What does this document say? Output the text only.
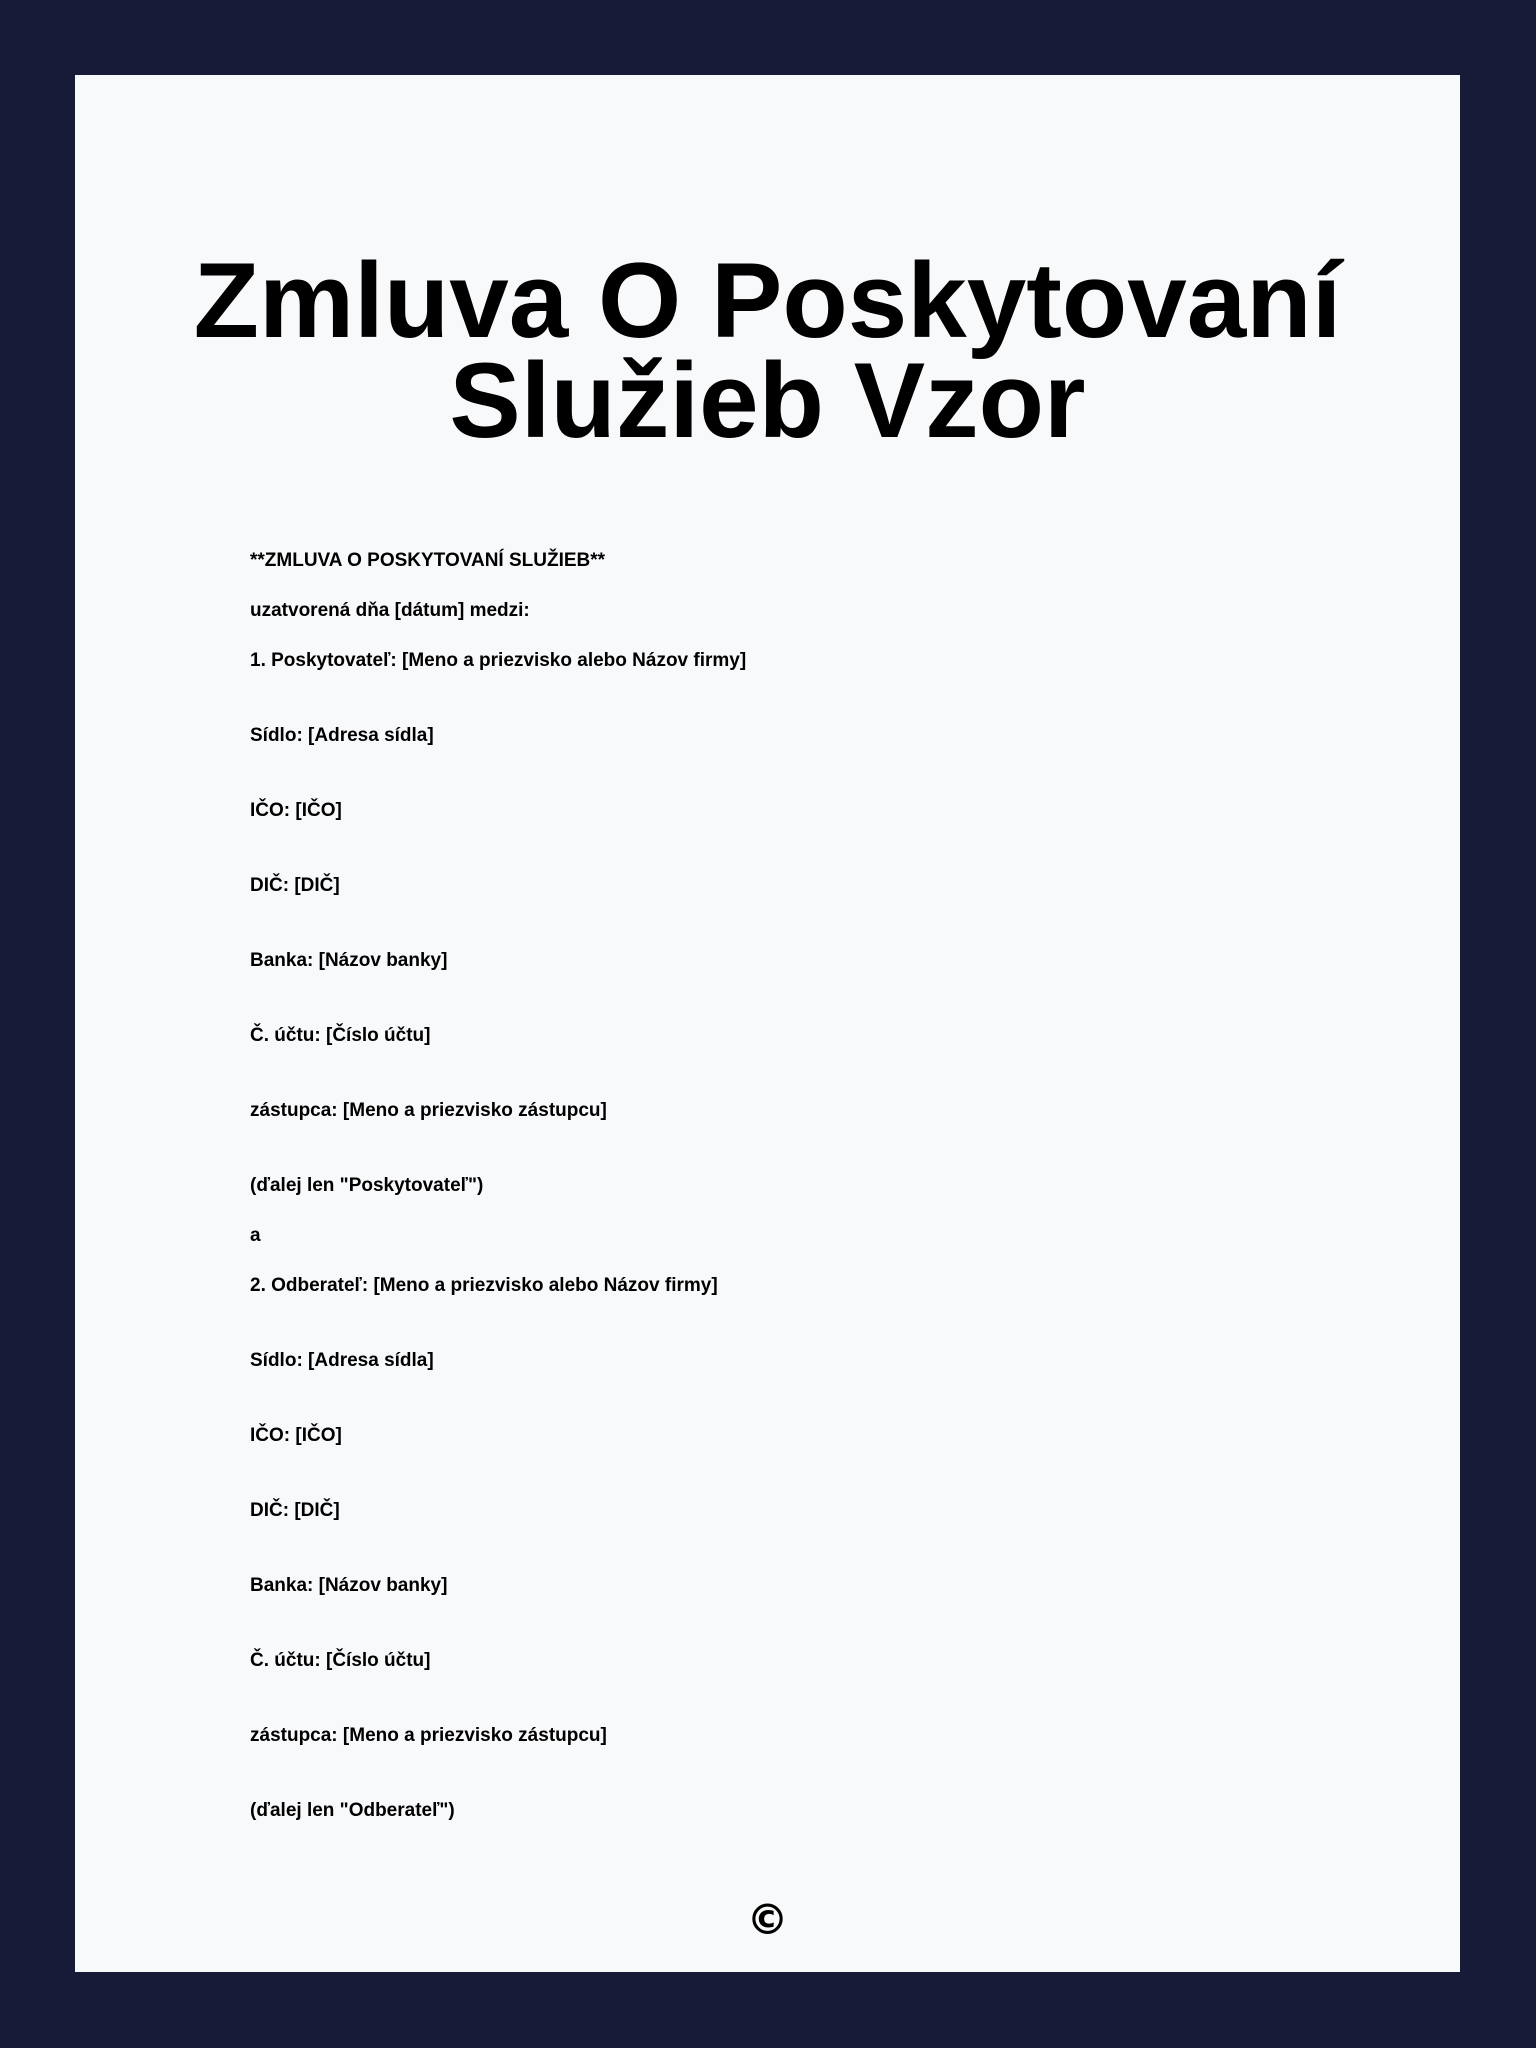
Zmluva O Poskytovaní
Služieb Vzor
**ZMLUVA O POSKYTOVANÍ SLUŽIEB**
uzatvorená dňa [dátum] medzi:
1. Poskytovateľ: [Meno a priezvisko alebo Názov firmy]
Sídlo: [Adresa sídla]
IČO: [IČO]
DIČ: [DIČ]
Banka: [Názov banky]
Č. účtu: [Číslo účtu]
zástupca: [Meno a priezvisko zástupcu]
(ďalej len "Poskytovateľ")
a
2. Odberateľ: [Meno a priezvisko alebo Názov firmy]
Sídlo: [Adresa sídla]
IČO: [IČO]
DIČ: [DIČ]
Banka: [Názov banky]
Č. účtu: [Číslo účtu]
zástupca: [Meno a priezvisko zástupcu]
(ďalej len "Odberateľ")
©
